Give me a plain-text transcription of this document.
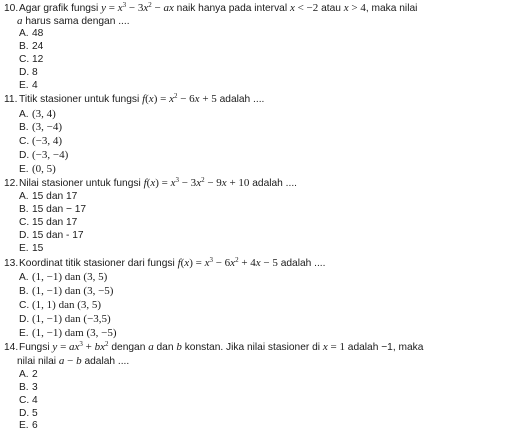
10.Agar grafik fungsi $y = x^3 - 3x^2$ − ax naik hanya pada interval x < −2 atau x > 4, maka nilai
a harus sama dengan ....
A. 48
B. 24
C. 12
D. 8
E. 4
11. Titik stasioner untuk fungsi $f(x) = x^2 - 6x + 5$ adalah ....
A. (3, 4)
B. (3, −4)
C. (−3, 4)
D. (−3, −4)
E. (0, 5)
12.Nilai stasioner untuk fungsi $f(x) = x^3 - 3x^2 - 9x + 10$ adalah ....
A. 15 dan 17
B. 15 dan − 17
C. 15 dan 17
D. 15 dan - 17
E. 15
13.Koordinat titik stasioner dari fungsi $f(x) = x^3 - 6x^2 + 4x - 5$ adalah ....
A. (1, −1) dan (3, 5)
B. (1, −1) dan (3, −5)
C. (1, 1) dan (3, 5)
D. (1, −1) dan (−3,5)
E. (1, −1) dam (3, −5)
14.Fungsi $y = ax^3 + bx^2$ dengan a dan b konstan. Jika nilai stasioner di x = 1 adalah −1, maka
nilai nilai a − b adalah ....
A. 2
B. 3
C. 4
D. 5
E. 6
